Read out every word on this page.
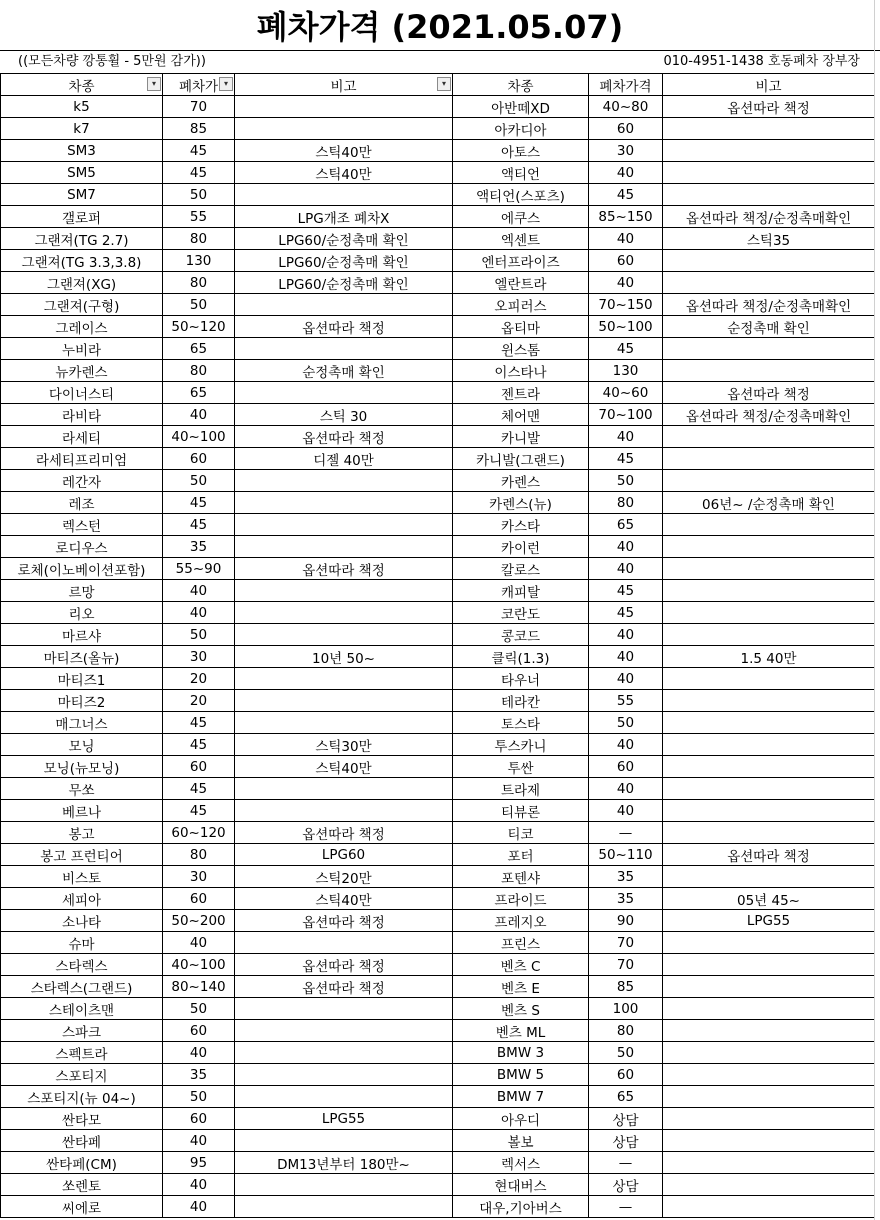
폐차가격 (2021.05.07)
((모든차량 깡통휠 - 5만원 감가))	010-4951-1438 호동폐차 장부장
차종 ▾	폐차가 ▾	비고 ▾	차종	폐차가격	비고
k5	70		아반떼XD	40~80	옵션따라 책정
k7	85		아카디아	60	
SM3	45	스틱40만	아토스	30	
SM5	45	스틱40만	액티언	40	
SM7	50		액티언(스포츠)	45	
갤로퍼	55	LPG개조 폐차X	에쿠스	85~150	옵션따라 책정/순정촉매확인
그랜져(TG 2.7)	80	LPG60/순정촉매 확인	엑센트	40	스틱35
그랜져(TG 3.3,3.8)	130	LPG60/순정촉매 확인	엔터프라이즈	60	
그랜져(XG)	80	LPG60/순정촉매 확인	엘란트라	40	
그랜져(구형)	50		오피러스	70~150	옵션따라 책정/순정촉매확인
그레이스	50~120	옵션따라 책정	옵티마	50~100	순정촉매 확인
누비라	65		윈스톰	45	
뉴카렌스	80	순정촉매 확인	이스타나	130	
다이너스티	65		젠트라	40~60	옵션따라 책정
라비타	40	스틱 30	체어맨	70~100	옵션따라 책정/순정촉매확인
라세티	40~100	옵션따라 책정	카니발	40	
라세티프리미엄	60	디젤 40만	카니발(그랜드)	45	
레간자	50		카렌스	50	
레조	45		카렌스(뉴)	80	06년~ /순정촉매 확인
렉스턴	45		카스타	65	
로디우스	35		카이런	40	
로체(이노베이션포함)	55~90	옵션따라 책정	칼로스	40	
르망	40		캐피탈	45	
리오	40		코란도	45	
마르샤	50		콩코드	40	
마티즈(올뉴)	30	10년 50~	클릭(1.3)	40	1.5 40만
마티즈1	20		타우너	40	
마티즈2	20		테라칸	55	
매그너스	45		토스타	50	
모닝	45	스틱30만	투스카니	40	
모닝(뉴모닝)	60	스틱40만	투싼	60	
무쏘	45		트라제	40	
베르나	45		티뷰론	40	
봉고	60~120	옵션따라 책정	티코	—	
봉고 프런티어	80	LPG60	포터	50~110	옵션따라 책정
비스토	30	스틱20만	포텐샤	35	
세피아	60	스틱40만	프라이드	35	05년 45~
소나타	50~200	옵션따라 책정	프레지오	90	LPG55
슈마	40		프린스	70	
스타렉스	40~100	옵션따라 책정	벤츠 C	70	
스타렉스(그랜드)	80~140	옵션따라 책정	벤츠 E	85	
스테이츠맨	50		벤츠 S	100	
스파크	60		벤츠 ML	80	
스펙트라	40		BMW 3	50	
스포티지	35		BMW 5	60	
스포티지(뉴 04~)	50		BMW 7	65	
싼타모	60	LPG55	아우디	상담	
싼타페	40		볼보	상담	
싼타페(CM)	95	DM13년부터 180만~	렉서스	—	
쏘렌토	40		현대버스	상담	
씨에로	40		대우,기아버스	—	
